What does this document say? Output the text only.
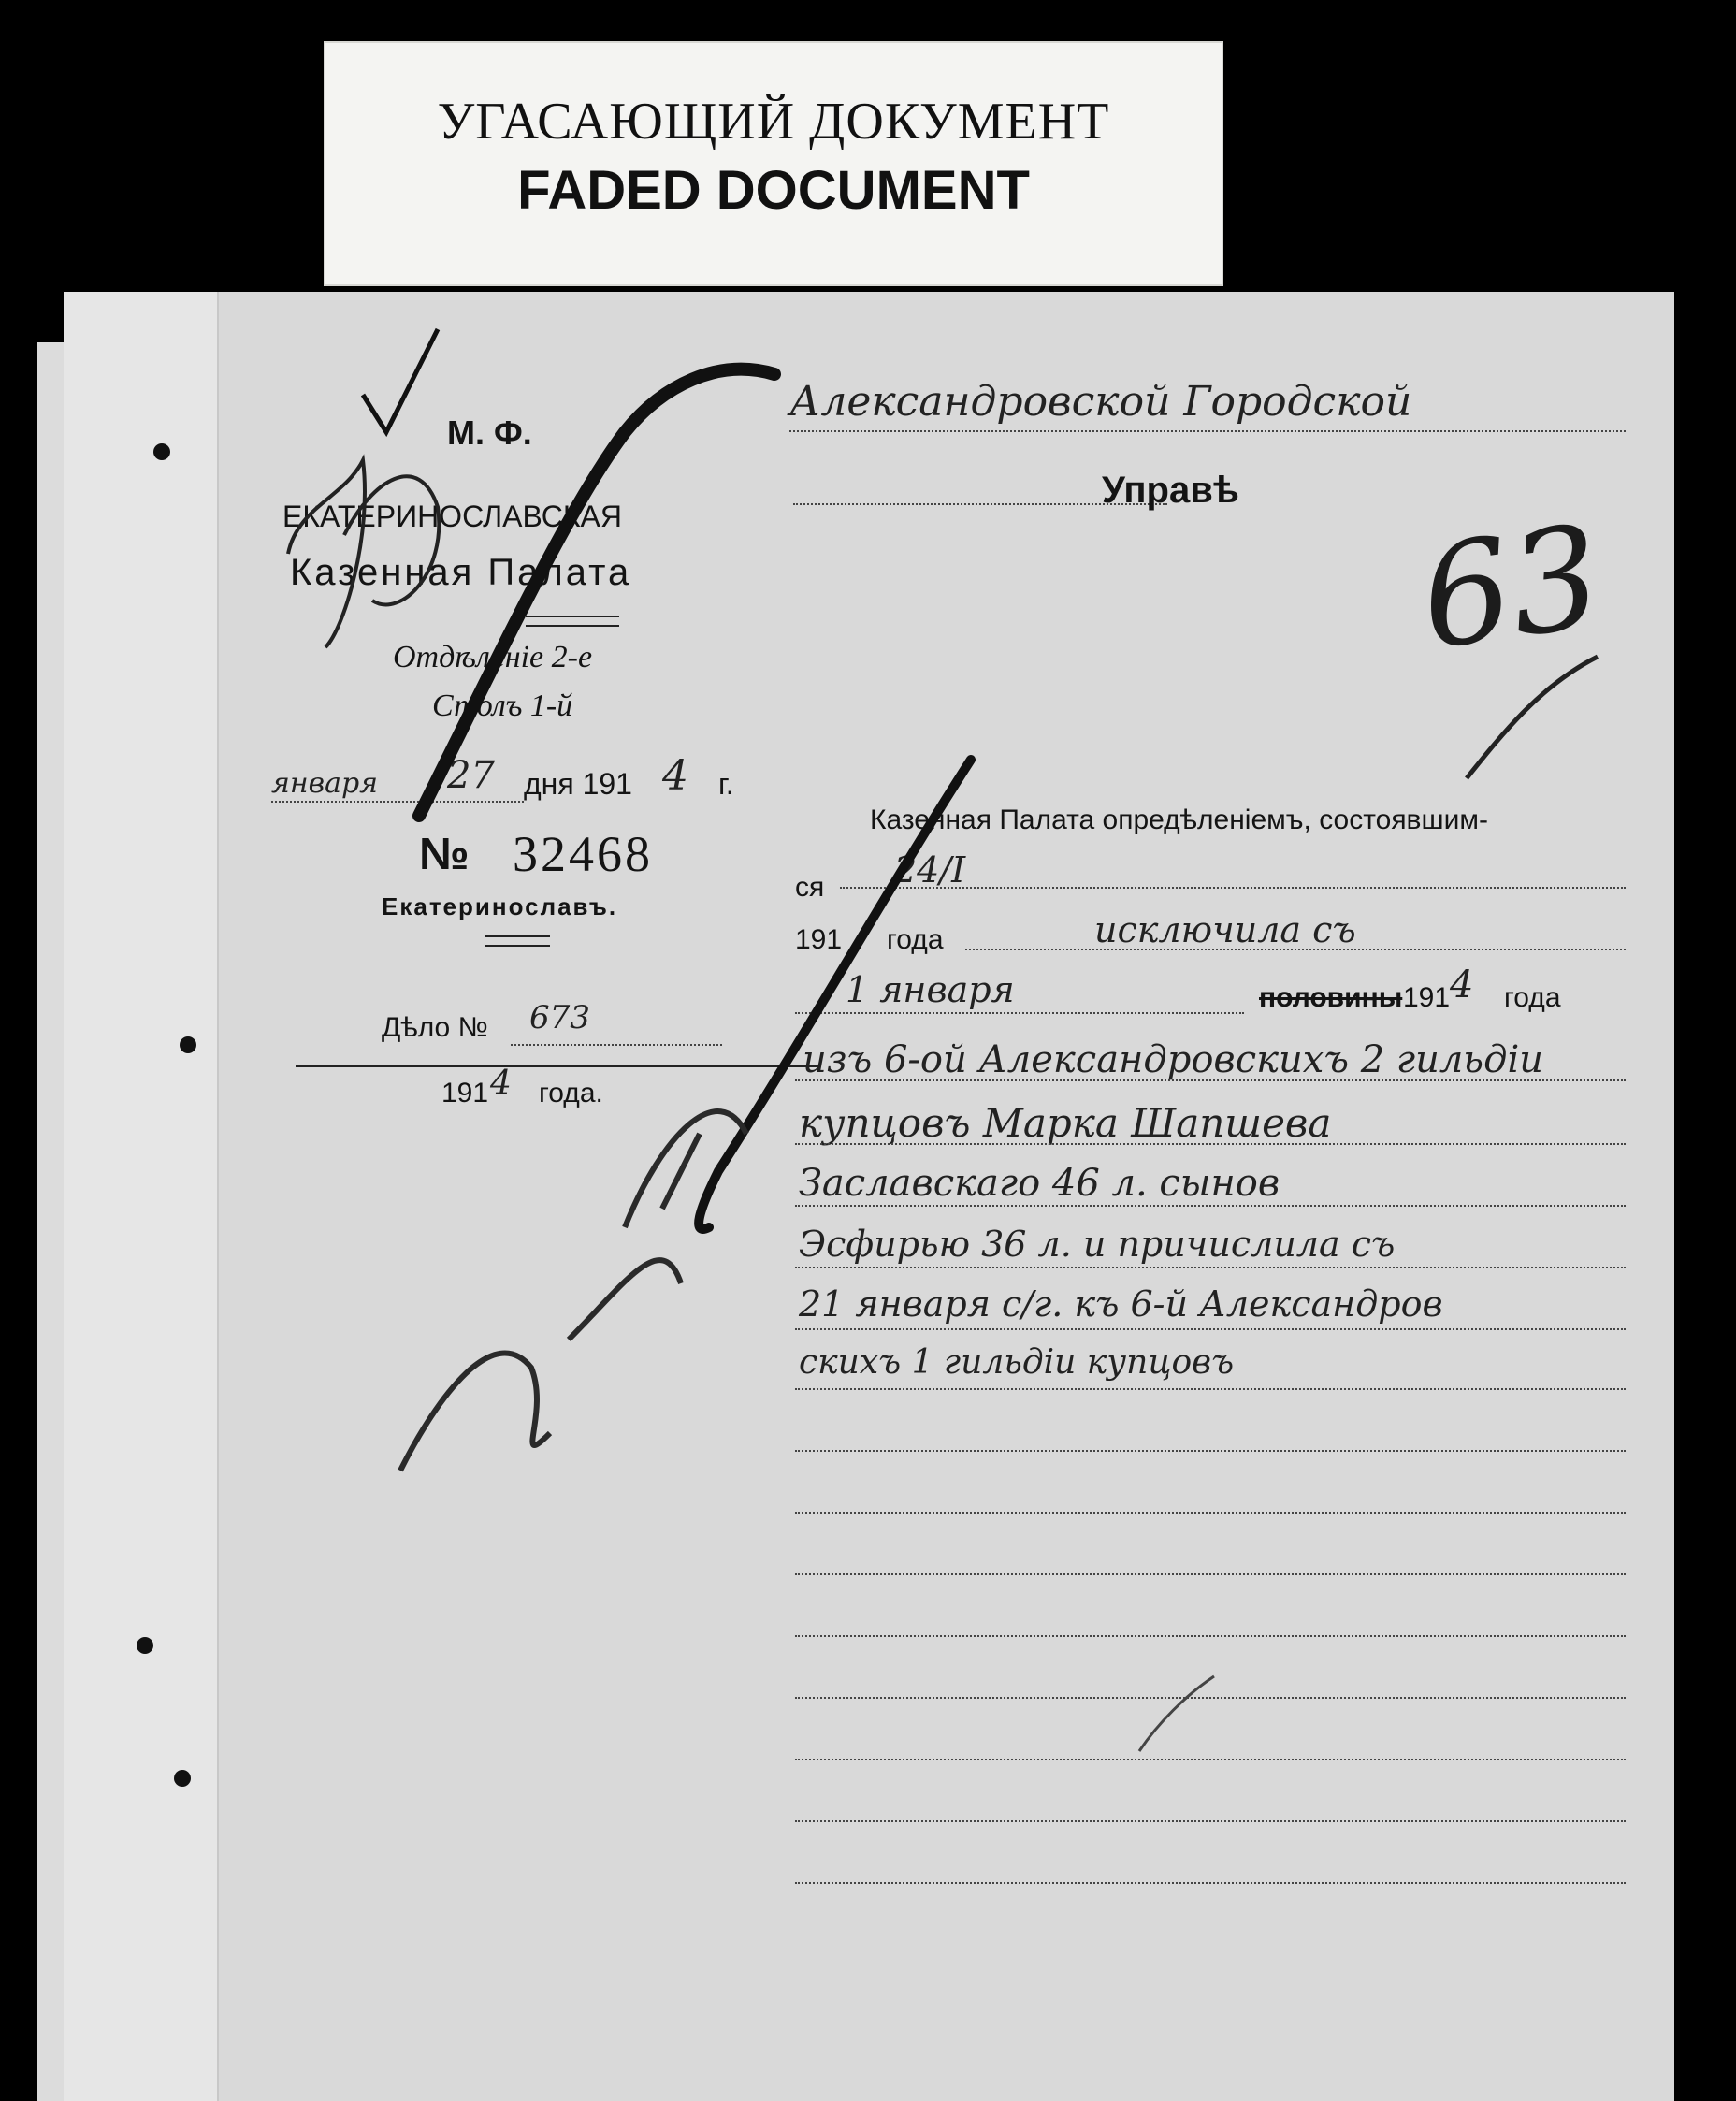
УГАСАЮЩИЙ ДОКУМЕНТ
FADED DOCUMENT
М. Ф.
ЕКАТЕРИНОСЛАВСКАЯ
Казенная Палата
Отдѣленіе 2-е
Столъ 1-й
января 27 дня 191 4 г.
№ 32468
Екатеринославъ.
Дѣло № 673
191 4 года.
Александровской Городской
Управѣ
Казенная Палата опредѣленіемъ, состоявшим-
ся 24/I
191 года	исключила съ
1 января	половины 191 4 года
изъ 6-ой Александровскихъ 2 гильдіи
купцовъ Марка Шапшева
Заславскаго 46 л. сынов
Эсфирью 36 л. и причислила съ
21 января с/г. къ 6-й Александров
скихъ 1 гильдіи купцовъ
63
